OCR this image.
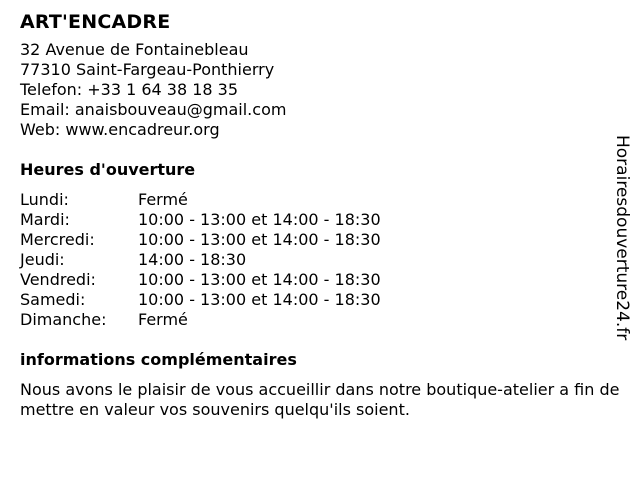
ART'ENCADRE
32 Avenue de Fontainebleau
77310 Saint-Fargeau-Ponthierry
Telefon: +33 1 64 38 18 35
Email: anaisbouveau@gmail.com
Web: www.encadreur.org
Heures d'ouverture
Lundi:	Fermé
Mardi:	10:00 - 13:00 et 14:00 - 18:30
Mercredi:	10:00 - 13:00 et 14:00 - 18:30
Jeudi:	14:00 - 18:30
Vendredi:	10:00 - 13:00 et 14:00 - 18:30
Samedi:	10:00 - 13:00 et 14:00 - 18:30
Dimanche:	Fermé
informations complémentaires
Nous avons le plaisir de vous accueillir dans notre boutique-atelier a fin de mettre en valeur vos souvenirs quelqu'ils soient.
Horairesdouverture24.fr
